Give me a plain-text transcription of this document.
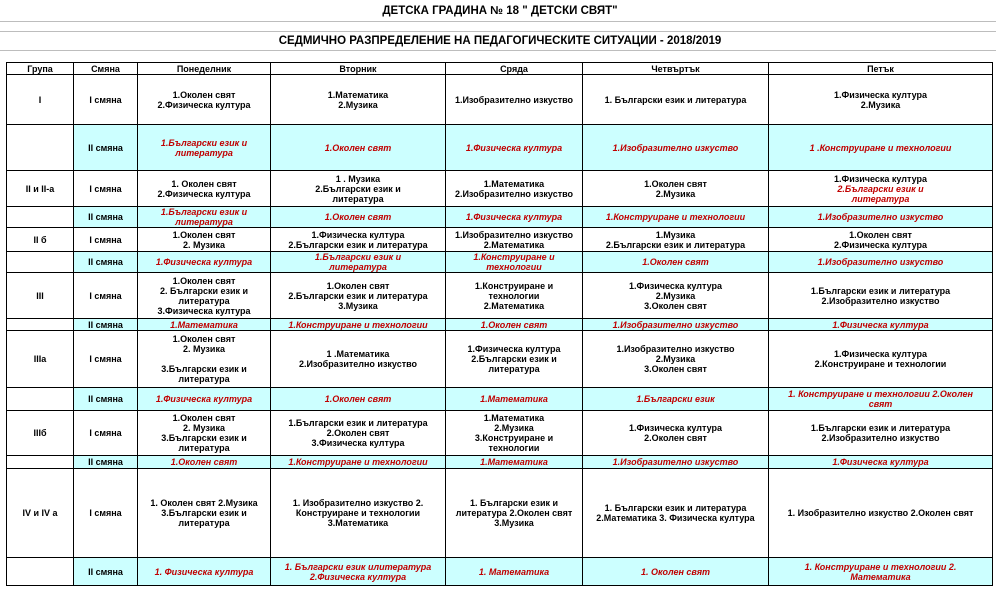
ДЕТСКА ГРАДИНА № 18 " ДЕТСКИ СВЯТ"
СЕДМИЧНО РАЗПРЕДЕЛЕНИЕ НА ПЕДАГОГИЧЕСКИТЕ СИТУАЦИИ - 2018/2019
Група	Смяна	Понеделник	Вторник	Сряда	Четвъртък	Петък
I	I смяна	1.Околен свят
2.Физическа култура	1.Математика
2.Музика	1.Изобразително изкуство	1. Български език и литература	1.Физическа култура
2.Музика

	II смяна	1.Български език и
литература	1.Околен свят	1.Физическа култура	1.Изобразително изкуство	1 .Конструиране и технологии

II и II-а	I смяна	1. Околен свят
2.Физическа култура	1 . Музика
2.Български език и
литература	1.Математика
2.Изобразително изкуство	1.Околен свят
2.Музика	1.Физическа култура
2.Български език и
литература

	II смяна	1.Български език и
литература	1.Околен свят	1.Физическа култура	1.Конструиране и технологии	1.Изобразително изкуство

II б	I смяна	1.Околен свят
2. Музика	1.Физическа култура
2.Български език и литература	1.Изобразително изкуство
2.Математика	1.Музика
2.Български език и литература	1.Околен свят
2.Физическа култура

	II смяна	1.Физическа култура	1.Български език и
литература	1.Конструиране и
технологии	1.Околен свят	1.Изобразително изкуство

III	I смяна	1.Околен свят
2. Български език и
литература
3.Физическа култура	1.Околен свят
2.Български език и литература
3.Музика	1.Конструиране и
технологии
2.Математика	1.Физическа култура
2.Музика
3.Околен свят	1.Български език и литература
2.Изобразително изкуство

	II смяна	1.Математика	1.Конструиране и технологии	1.Околен свят	1.Изобразително изкуство	1.Физическа култура

IIIа	I смяна	1.Околен свят
2. Музика

3.Български език и
литература	1 .Математика
2.Изобразително изкуство	1.Физическа култура
2.Български език и
литература	1.Изобразително изкуство
2.Музика
3.Околен свят	1.Физическа култура
2.Конструиране и технологии

	II смяна	1.Физическа култура	1.Околен свят	1.Математика	1.Български език	1. Конструиране и технологии 2.Околен
свят

IIIб	I смяна	1.Околен свят
2. Музика
3.Български език и
литература	1.Български език и литература
2.Околен свят
3.Физическа култура	1.Математика
2.Музика
3.Конструиране и
технологии	1.Физическа култура
2.Околен свят	1.Български език и литература
2.Изобразително изкуство

	II смяна	1.Околен свят	1.Конструиране и технологии	1.Математика	1.Изобразително изкуство	1.Физическа култура

IV и IV а	I смяна	1. Околен свят 2.Музика
3.Български език и
литература	1. Изобразително изкуство 2.
Конструиране и технологии
3.Математика	1. Български език и
литература 2.Околен свят
3.Музика	1. Български език и литература
2.Математика 3. Физическа култура	1. Изобразително изкуство 2.Околен свят

	II смяна	1. Физическа култура	1. Български език илитература
2.Физическа култура	1. Математика	1. Околен свят	1. Конструиране и технологии 2.
Математика
